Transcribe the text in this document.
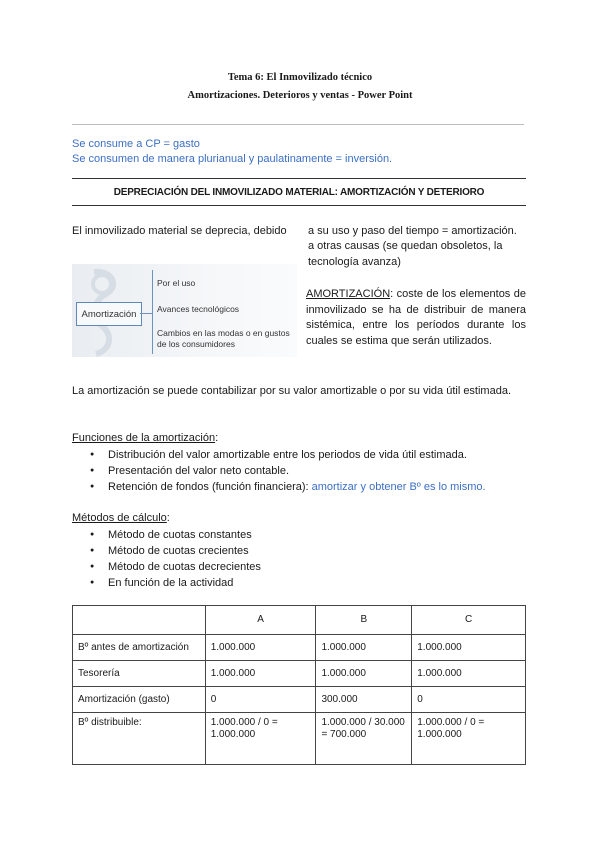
Tema 6: El Inmovilizado técnico
Amortizaciones. Deterioros y ventas - Power Point
Se consume a CP = gasto
Se consumen de manera plurianual y paulatinamente = inversión.
DEPRECIACIÓN DEL INMOVILIZADO MATERIAL: AMORTIZACIÓN Y DETERIORO
El inmovilizado material se deprecia, debido	a su uso y paso del tiempo = amortización.
a otras causas (se quedan obsoletos, la tecnología avanza)
Amortización
Por el uso
Avances tecnológicos
Cambios en las modas o en gustos de los consumidores
AMORTIZACIÓN: coste de los elementos de inmovilizado se ha de distribuir de manera sistémica, entre los períodos durante los cuales se estima que serán utilizados.
La amortización se puede contabilizar por su valor amortizable o por su vida útil estimada.
Funciones de la amortización:
● Distribución del valor amortizable entre los periodos de vida útil estimada.
● Presentación del valor neto contable.
● Retención de fondos (función financiera): amortizar y obtener Bº es lo mismo.
Métodos de cálculo:
● Método de cuotas constantes
● Método de cuotas crecientes
● Método de cuotas decrecientes
● En función de la actividad
	A	B	C
Bº antes de amortización	1.000.000	1.000.000	1.000.000
Tesorería	1.000.000	1.000.000	1.000.000
Amortización (gasto)	0	300.000	0
Bº distribuible:	1.000.000 / 0 = 1.000.000	1.000.000 / 30.000 = 700.000	1.000.000 / 0 = 1.000.000
